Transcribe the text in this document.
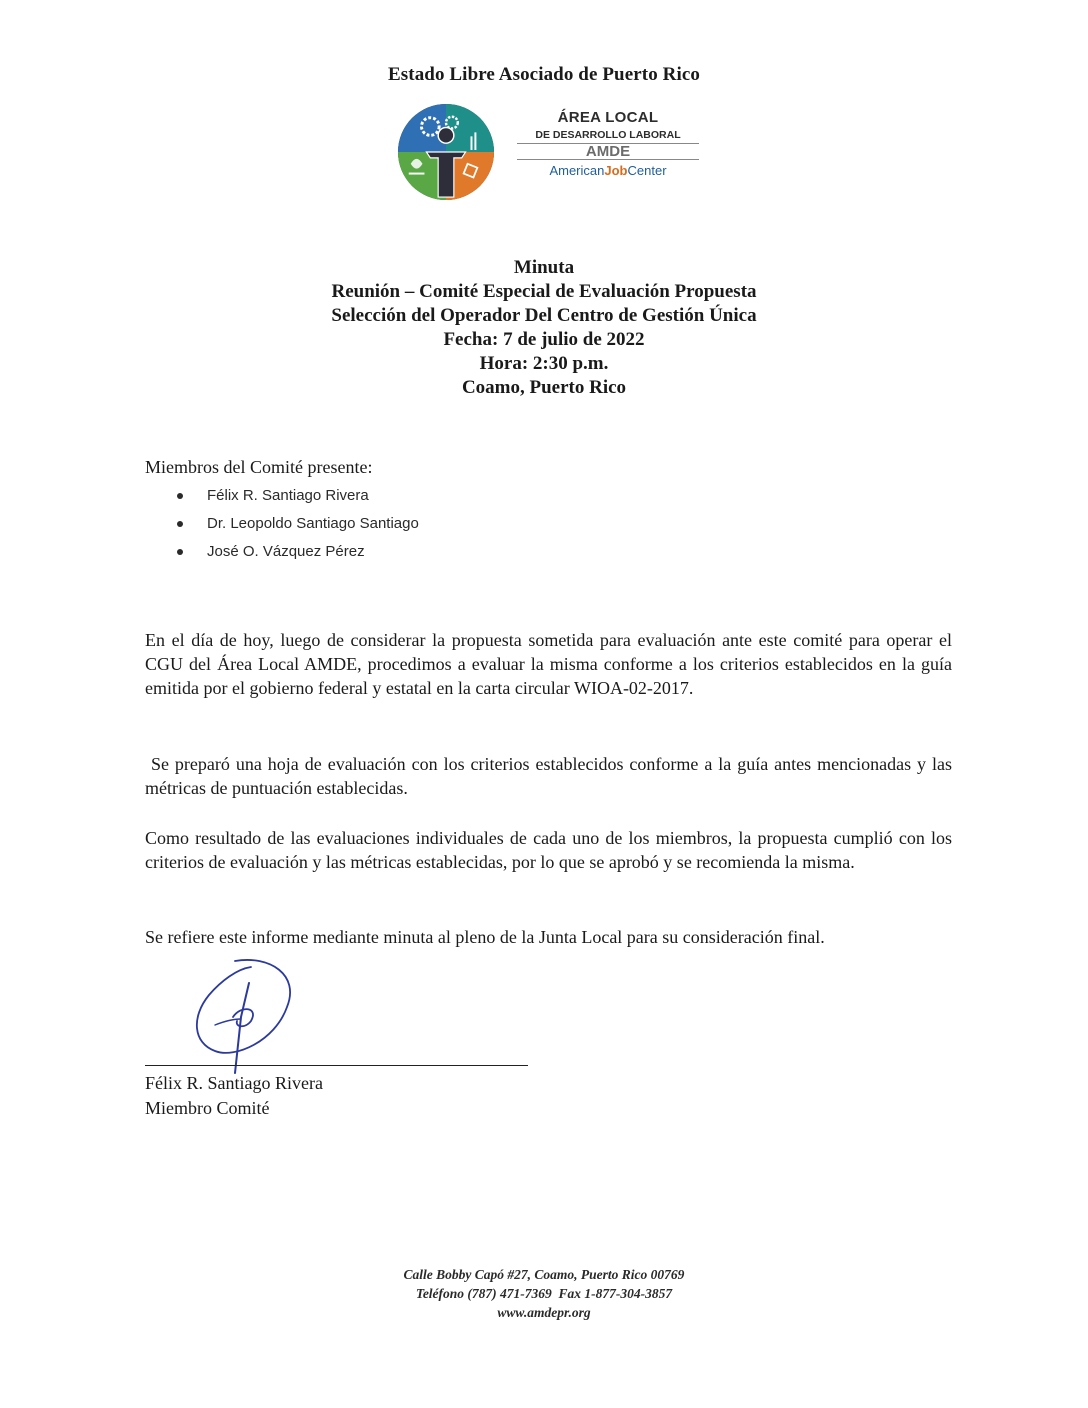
Estado Libre Asociado de Puerto Rico
ÁREA LOCAL
DE DESARROLLO LABORAL
AMDE
AmericanJobCenter
Minuta
Reunión – Comité Especial de Evaluación Propuesta
Selección del Operador Del Centro de Gestión Única
Fecha: 7 de julio de 2022
Hora: 2:30 p.m.
Coamo, Puerto Rico
Miembros del Comité presente:
Félix R. Santiago Rivera
Dr. Leopoldo Santiago Santiago
José O. Vázquez Pérez
En el día de hoy, luego de considerar la propuesta sometida para evaluación ante este comité para operar el CGU del Área Local AMDE, procedimos a evaluar la misma conforme a los criterios establecidos en la guía emitida por el gobierno federal y estatal en la carta circular WIOA-02-2017.
Se preparó una hoja de evaluación con los criterios establecidos conforme a la guía antes mencionadas y las métricas de puntuación establecidas.
Como resultado de las evaluaciones individuales de cada uno de los miembros, la propuesta cumplió con los criterios de evaluación y las métricas establecidas, por lo que se aprobó y se recomienda la misma.
Se refiere este informe mediante minuta al pleno de la Junta Local para su consideración final.
Félix R. Santiago Rivera
Miembro Comité
Calle Bobby Capó #27, Coamo, Puerto Rico 00769
Teléfono (787) 471-7369  Fax 1-877-304-3857
www.amdepr.org
